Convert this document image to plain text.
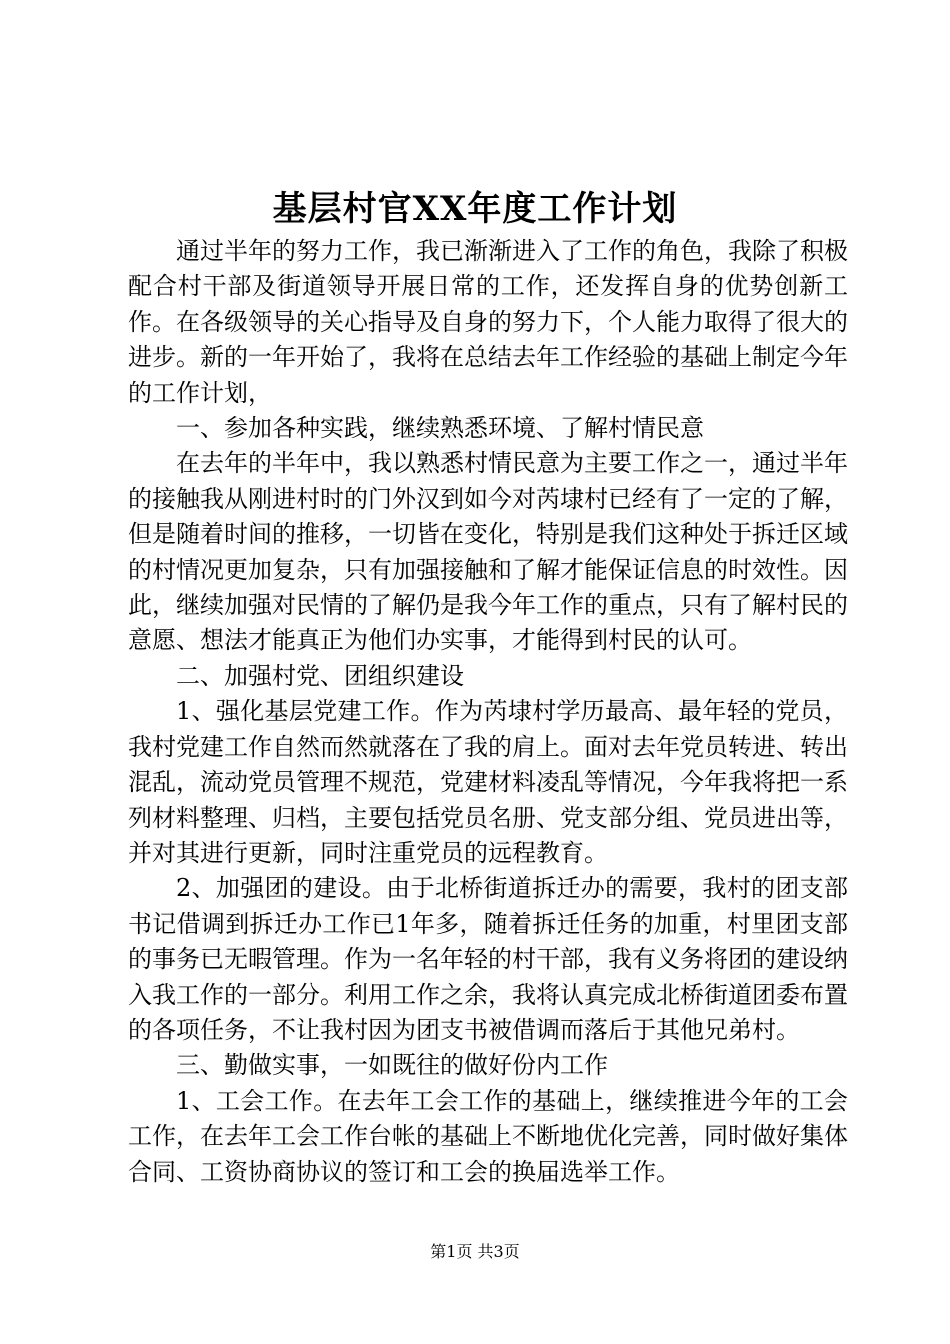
基层村官XX年度工作计划

通过半年的努力工作，我已渐渐进入了工作的角色，我除了积极配合村干部及街道领导开展日常的工作，还发挥自身的优势创新工作。在各级领导的关心指导及自身的努力下，个人能力取得了很大的进步。新的一年开始了，我将在总结去年工作经验的基础上制定今年的工作计划，

一、参加各种实践，继续熟悉环境、了解村情民意

在去年的半年中，我以熟悉村情民意为主要工作之一，通过半年的接触我从刚进村时的门外汉到如今对芮埭村已经有了一定的了解，但是随着时间的推移，一切皆在变化，特别是我们这种处于拆迁区域的村情况更加复杂，只有加强接触和了解才能保证信息的时效性。因此，继续加强对民情的了解仍是我今年工作的重点，只有了解村民的意愿、想法才能真正为他们办实事，才能得到村民的认可。

二、加强村党、团组织建设

1、强化基层党建工作。作为芮埭村学历最高、最年轻的党员，我村党建工作自然而然就落在了我的肩上。面对去年党员转进、转出混乱，流动党员管理不规范，党建材料凌乱等情况，今年我将把一系列材料整理、归档，主要包括党员名册、党支部分组、党员进出等，并对其进行更新，同时注重党员的远程教育。

2、加强团的建设。由于北桥街道拆迁办的需要，我村的团支部书记借调到拆迁办工作已1年多，随着拆迁任务的加重，村里团支部的事务已无暇管理。作为一名年轻的村干部，我有义务将团的建设纳入我工作的一部分。利用工作之余，我将认真完成北桥街道团委布置的各项任务，不让我村因为团支书被借调而落后于其他兄弟村。

三、勤做实事，一如既往的做好份内工作

1、工会工作。在去年工会工作的基础上，继续推进今年的工会工作，在去年工会工作台帐的基础上不断地优化完善，同时做好集体合同、工资协商协议的签订和工会的换届选举工作。

第1页 共3页
